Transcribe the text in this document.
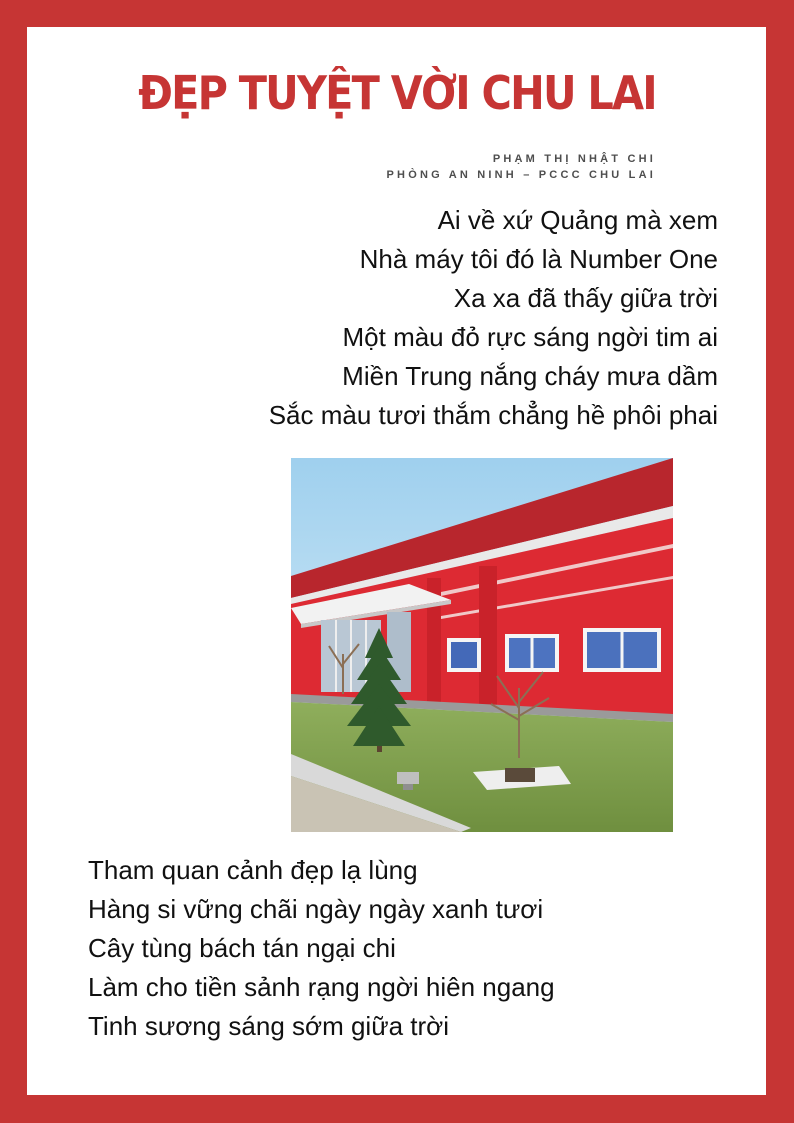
ĐẸP TUYỆT VỜI CHU LAI
PHẠM THỊ NHẬT CHI
PHÒNG AN NINH – PCCC CHU LAI
Ai về xứ Quảng mà xem
Nhà máy tôi đó là Number One
Xa xa đã thấy giữa trời
Một màu đỏ rực sáng ngời tim ai
Miền Trung nắng cháy mưa dầm
Sắc màu tươi thắm chẳng hề phôi phai
Tham quan cảnh đẹp lạ lùng
Hàng si vững chãi ngày ngày xanh tươi
Cây tùng bách tán ngại chi
Làm cho tiền sảnh rạng ngời hiên ngang
Tinh sương sáng sớm giữa trời
